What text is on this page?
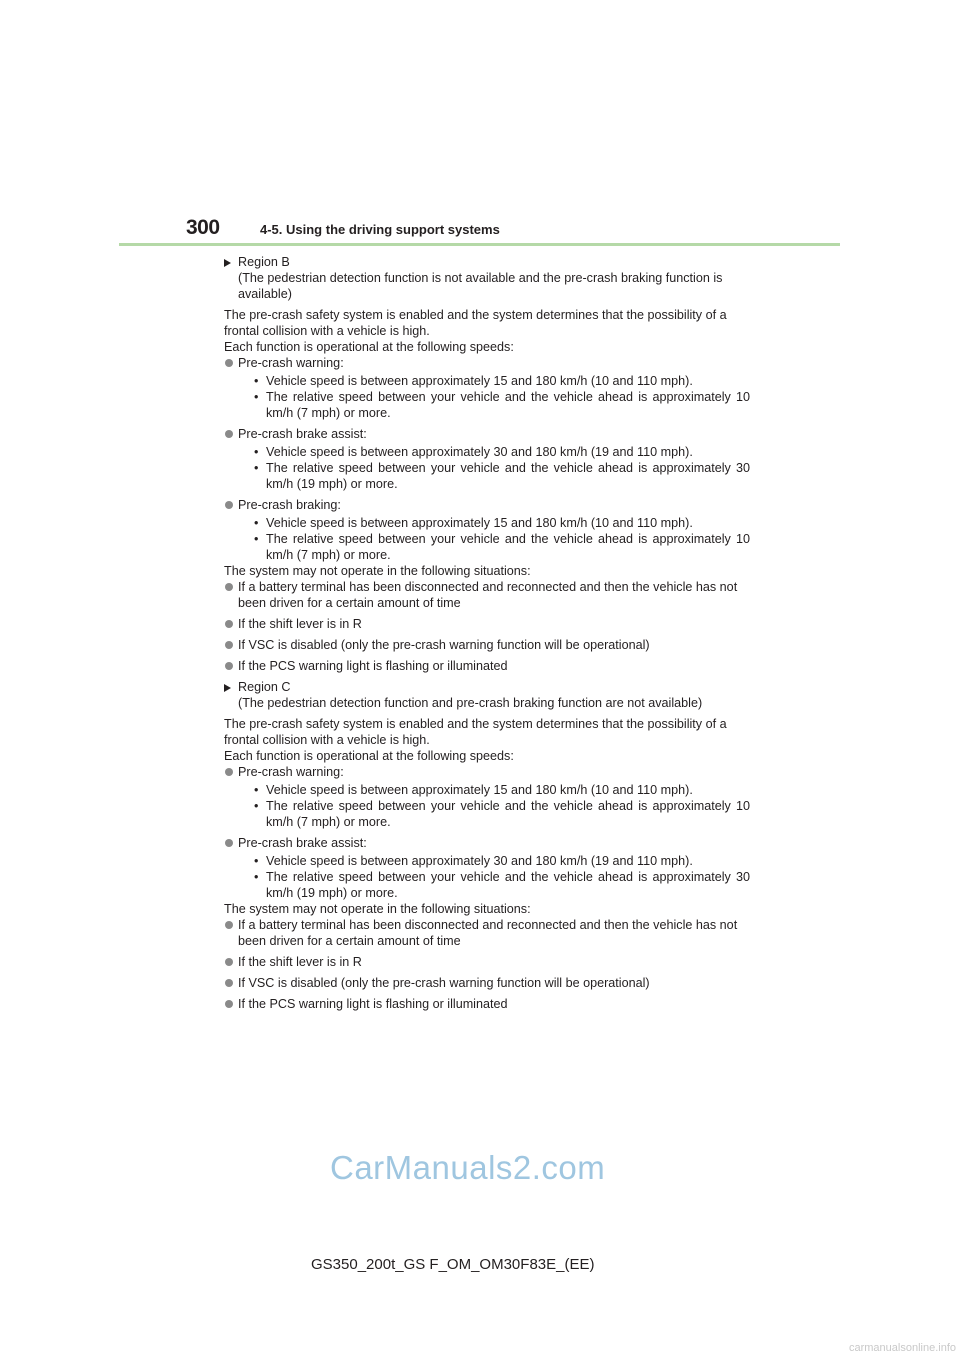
300	4-5. Using the driving support systems

Region B

(The pedestrian detection function is not available and the pre-crash braking function is available)

The pre-crash safety system is enabled and the system determines that the possibility of a frontal collision with a vehicle is high.

Each function is operational at the following speeds:

Pre-crash warning:

• Vehicle speed is between approximately 15 and 180 km/h (10 and 110 mph).
• The relative speed between your vehicle and the vehicle ahead is approximately 10 km/h (7 mph) or more.

Pre-crash brake assist:

• Vehicle speed is between approximately 30 and 180 km/h (19 and 110 mph).
• The relative speed between your vehicle and the vehicle ahead is approximately 30 km/h (19 mph) or more.

Pre-crash braking:

• Vehicle speed is between approximately 15 and 180 km/h (10 and 110 mph).
• The relative speed between your vehicle and the vehicle ahead is approximately 10 km/h (7 mph) or more.

The system may not operate in the following situations:

If a battery terminal has been disconnected and reconnected and then the vehicle has not been driven for a certain amount of time

If the shift lever is in R

If VSC is disabled (only the pre-crash warning function will be operational)

If the PCS warning light is flashing or illuminated

Region C

(The pedestrian detection function and pre-crash braking function are not available)

The pre-crash safety system is enabled and the system determines that the possibility of a frontal collision with a vehicle is high.

Each function is operational at the following speeds:

Pre-crash warning:

• Vehicle speed is between approximately 15 and 180 km/h (10 and 110 mph).
• The relative speed between your vehicle and the vehicle ahead is approximately 10 km/h (7 mph) or more.

Pre-crash brake assist:

• Vehicle speed is between approximately 30 and 180 km/h (19 and 110 mph).
• The relative speed between your vehicle and the vehicle ahead is approximately 30 km/h (19 mph) or more.

The system may not operate in the following situations:

If a battery terminal has been disconnected and reconnected and then the vehicle has not been driven for a certain amount of time

If the shift lever is in R

If VSC is disabled (only the pre-crash warning function will be operational)

If the PCS warning light is flashing or illuminated

CarManuals2.com
GS350_200t_GS F_OM_OM30F83E_(EE)
carmanualsonline.info
